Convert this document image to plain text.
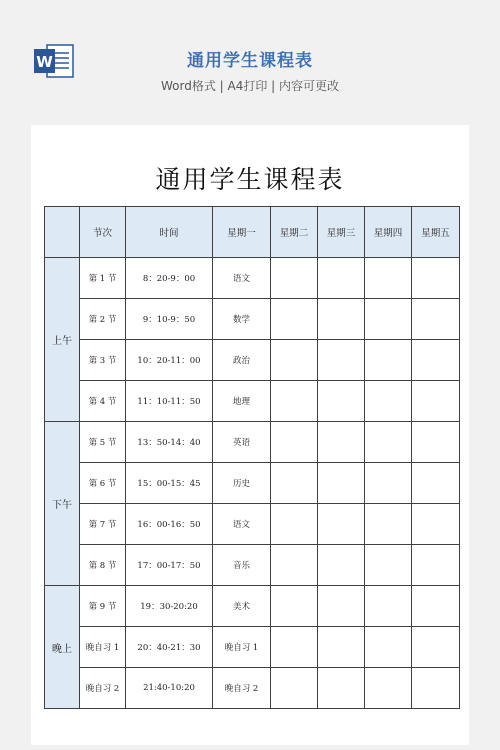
W	通用学生课程表
Word格式 | A4打印 | 内容可更改
通用学生课程表
	节次	时间	星期一	星期二	星期三	星期四	星期五
上午	第 1 节	8：20-9：00	语文				
	第 2 节	9：10-9：50	数学				
	第 3 节	10：20-11：00	政治				
	第 4 节	11：10-11：50	地理				
下午	第 5 节	13：50-14：40	英语				
	第 6 节	15：00-15：45	历史				
	第 7 节	16：00-16：50	语文				
	第 8 节	17：00-17：50	音乐				
晚上	第 9 节	19：30-20:20	美术				
	晚自习 1	20：40-21：30	晚自习 1				
	晚自习 2	21:40-10:20	晚自习 2				
